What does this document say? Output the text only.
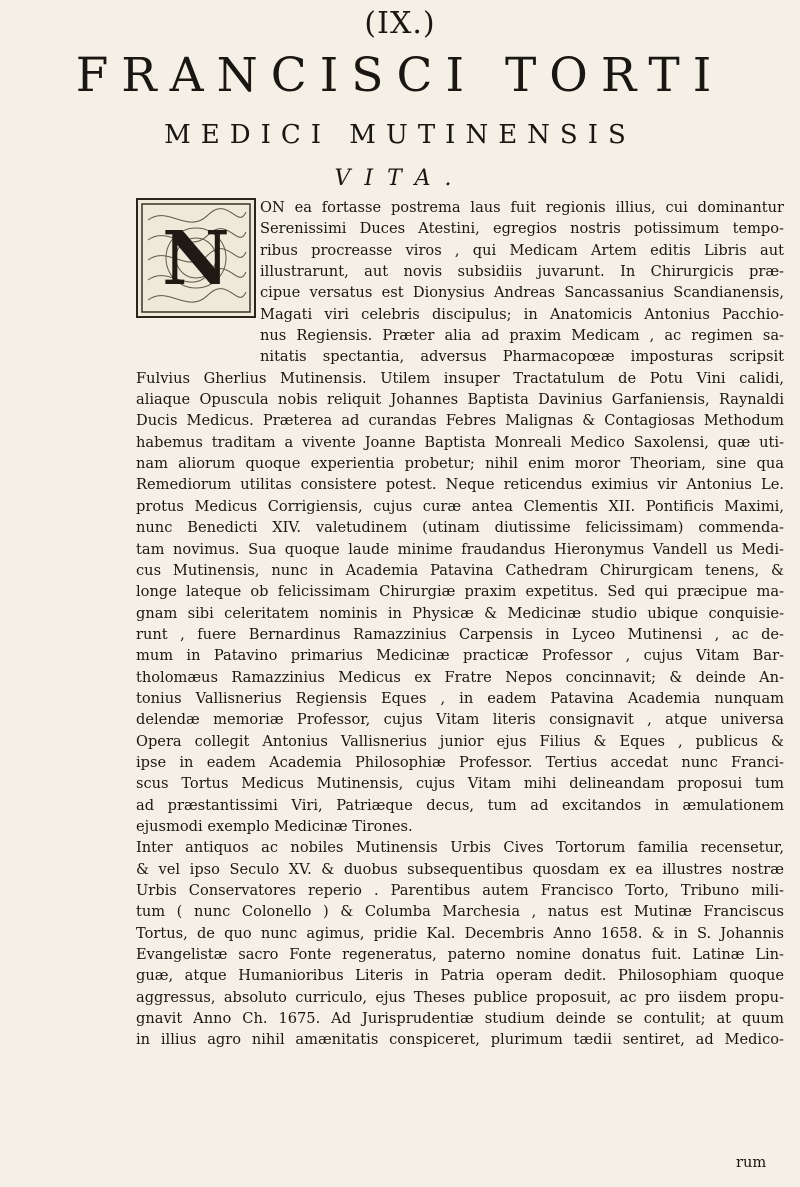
(IX.)
FRANCISCI TORTI
MEDICI MUTINENSIS
VITA.
N
ON ea fortasse postrema laus fuit regionis illius, cui dominantur
Serenissimi Duces Atestini, egregios nostris potissimum tempo-
ribus procreasse viros , qui Medicam Artem editis Libris aut
illustrarunt, aut novis subsidiis juvarunt. In Chirurgicis præ-
cipue versatus est Dionysius Andreas Sancassanius Scandianensis,
Magati viri celebris discipulus; in Anatomicis Antonius Pacchio-
nus Regiensis. Præter alia ad praxim Medicam , ac regimen sa-
nitatis spectantia, adversus Pharmacopœæ imposturas scripsit
Fulvius Gherlius Mutinensis. Utilem insuper Tractatulum de Potu Vini calidi,
aliaque Opuscula nobis reliquit Johannes Baptista Davinius Garfaniensis, Raynaldi
Ducis Medicus. Præterea ad curandas Febres Malignas & Contagiosas Methodum
habemus traditam a vivente Joanne Baptista Monreali Medico Saxolensi, quæ uti-
nam aliorum quoque experientia probetur; nihil enim moror Theoriam, sine qua
Remediorum utilitas consistere potest. Neque reticendus eximius vir Antonius Le.
protus Medicus Corrigiensis, cujus curæ antea Clementis XII. Pontificis Maximi,
nunc Benedicti XIV. valetudinem (utinam diutissime felicissimam) commenda-
tam novimus. Sua quoque laude minime fraudandus Hieronymus Vandell us Medi-
cus Mutinensis, nunc in Academia Patavina Cathedram Chirurgicam tenens, &
longe lateque ob felicissimam Chirurgiæ praxim expetitus. Sed qui præcipue ma-
gnam sibi celeritatem nominis in Physicæ & Medicinæ studio ubique conquisie-
runt , fuere Bernardinus Ramazzinius Carpensis in Lyceo Mutinensi , ac de-
mum in Patavino primarius Medicinæ practicæ Professor , cujus Vitam Bar-
tholomæus Ramazzinius Medicus ex Fratre Nepos concinnavit; & deinde An-
tonius Vallisnerius Regiensis Eques , in eadem Patavina Academia nunquam
delendæ memoriæ Professor, cujus Vitam literis consignavit , atque universa
Opera collegit Antonius Vallisnerius junior ejus Filius & Eques , publicus &
ipse in eadem Academia Philosophiæ Professor. Tertius accedat nunc Franci-
scus Tortus Medicus Mutinensis, cujus Vitam mihi delineandam proposui tum
ad præstantissimi Viri, Patriæque decus, tum ad excitandos in æmulationem
ejusmodi exemplo Medicinæ Tirones.
Inter antiquos ac nobiles Mutinensis Urbis Cives Tortorum familia recensetur,
& vel ipso Seculo XV. & duobus subsequentibus quosdam ex ea illustres nostræ
Urbis Conservatores reperio . Parentibus autem Francisco Torto, Tribuno mili-
tum ( nunc Colonello ) & Columba Marchesia , natus est Mutinæ Franciscus
Tortus, de quo nunc agimus, pridie Kal. Decembris Anno 1658. & in S. Johannis
Evangelistæ sacro Fonte regeneratus, paterno nomine donatus fuit. Latinæ Lin-
guæ, atque Humanioribus Literis in Patria operam dedit. Philosophiam quoque
aggressus, absoluto curriculo, ejus Theses publice proposuit, ac pro iisdem propu-
gnavit Anno Ch. 1675. Ad Jurisprudentiæ studium deinde se contulit; at quum
in illius agro nihil amænitatis conspiceret, plurimum tædii sentiret, ad Medico-
rum
